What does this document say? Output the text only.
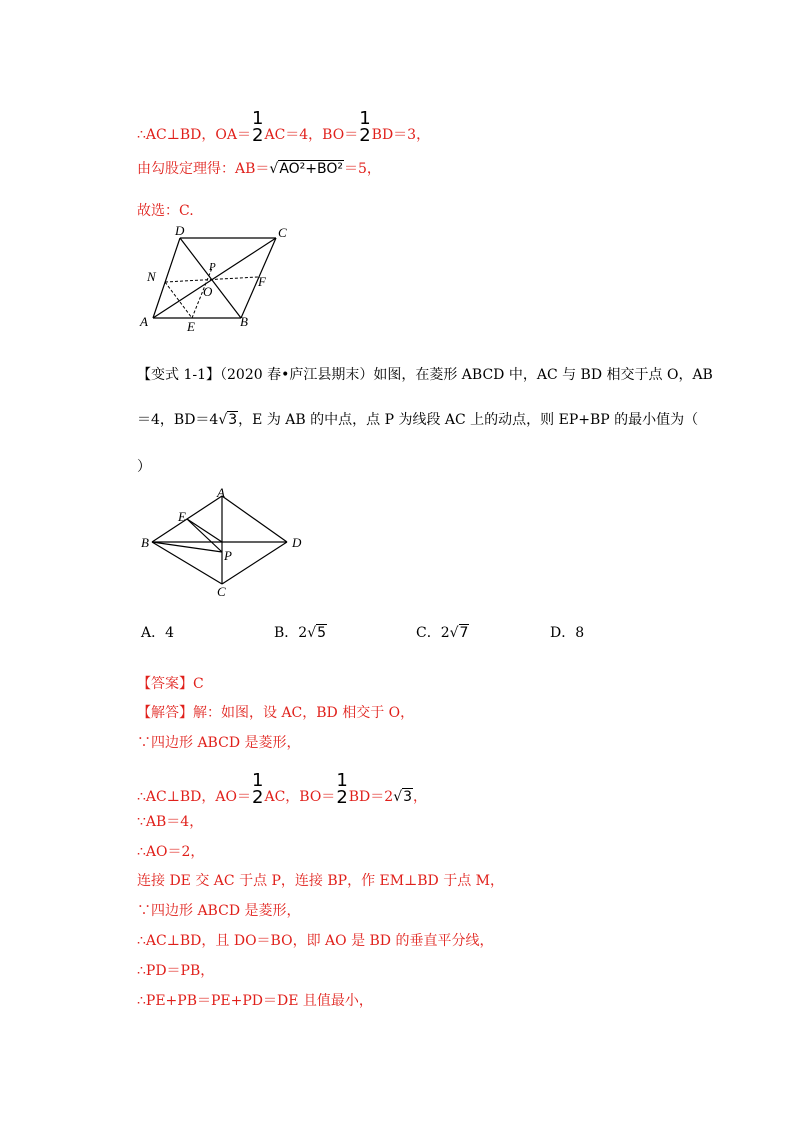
∴AC⊥BD，OA＝
1
2 AC＝4，BO＝
1
2 BD＝3，
由勾股定理得：AB＝√AO²+BO²＝5，
故选：C.
D	C
N
P
O
F
A	E	B
【变式 1-1】（2020 春•庐江县期末）如图，在菱形 ABCD 中，AC 与 BD 相交于点 O，AB
＝4，BD＝4√3，E 为 AB 的中点，点 P 为线段 AC 上的动点，则 EP+BP 的最小值为（
）
A
E
B
P
D
C
A．4	B．2√5	C．2√7	D．8
【答案】C
【解答】解：如图，设 AC，BD 相交于 O，
∵四边形 ABCD 是菱形，
∴AC⊥BD，AO＝
1
2 AC，BO＝
1
2 BD＝2√3，
∵AB＝4，
∴AO＝2，
连接 DE 交 AC 于点 P，连接 BP，作 EM⊥BD 于点 M，
∵四边形 ABCD 是菱形，
∴AC⊥BD，且 DO＝BO，即 AO 是 BD 的垂直平分线，
∴PD＝PB，
∴PE+PB＝PE+PD＝DE 且值最小，
